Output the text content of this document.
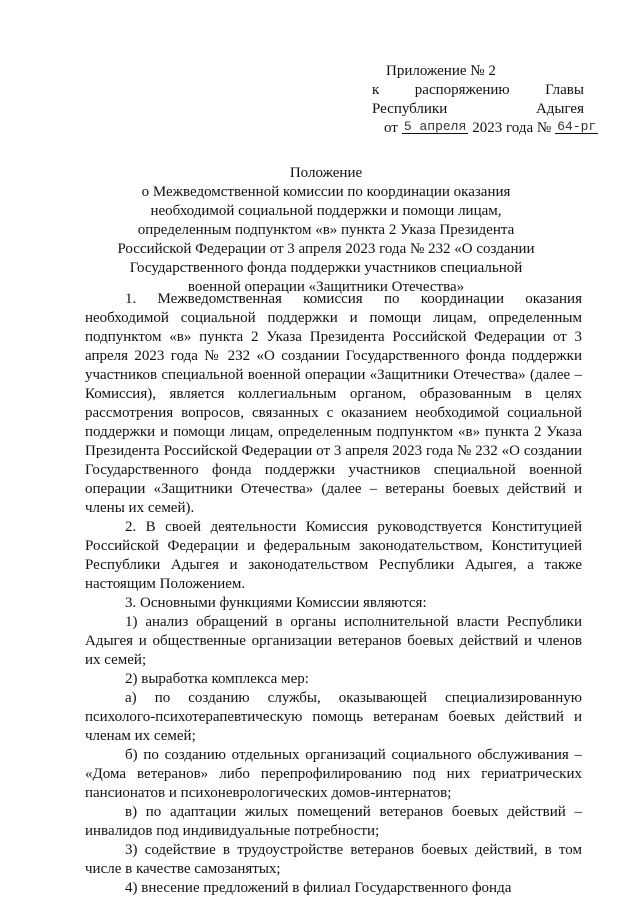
Приложение № 2
к распоряжению Главы
Республики	Адыгея
от 5 апреля 2023 года № 64-рг
Положение
о Межведомственной комиссии по координации оказания необходимой социальной поддержки и помощи лицам, определенным подпунктом «в» пункта 2 Указа Президента Российской Федерации от 3 апреля 2023 года № 232 «О создании Государственного фонда поддержки участников специальной военной операции «Защитники Отечества»

1. Межведомственная комиссия по координации оказания необходимой социальной поддержки и помощи лицам, определенным подпунктом «в» пункта 2 Указа Президента Российской Федерации от 3 апреля 2023 года № 232 «О создании Государственного фонда поддержки участников специальной военной операции «Защитники Отечества» (далее – Комиссия), является коллегиальным органом, образованным в целях рассмотрения вопросов, связанных с оказанием необходимой социальной поддержки и помощи лицам, определенным подпунктом «в» пункта 2 Указа Президента Российской Федерации от 3 апреля 2023 года № 232 «О создании Государственного фонда поддержки участников специальной военной операции «Защитники Отечества» (далее – ветераны боевых действий и члены их семей).

2. В своей деятельности Комиссия руководствуется Конституцией Российской Федерации и федеральным законодательством, Конституцией Республики Адыгея и законодательством Республики Адыгея, а также настоящим Положением.

3. Основными функциями Комиссии являются:

1) анализ обращений в органы исполнительной власти Республики Адыгея и общественные организации ветеранов боевых действий и членов их семей;

2) выработка комплекса мер:

а) по созданию службы, оказывающей специализированную психолого-психотерапевтическую помощь ветеранам боевых действий и членам их семей;

б) по созданию отдельных организаций социального обслуживания – «Дома ветеранов» либо перепрофилированию под них гериатрических пансионатов и психоневрологических домов-интернатов;

в) по адаптации жилых помещений ветеранов боевых действий – инвалидов под индивидуальные потребности;

3) содействие в трудоустройстве ветеранов боевых действий, в том числе в качестве самозанятых;

4) внесение предложений в филиал Государственного фонда
